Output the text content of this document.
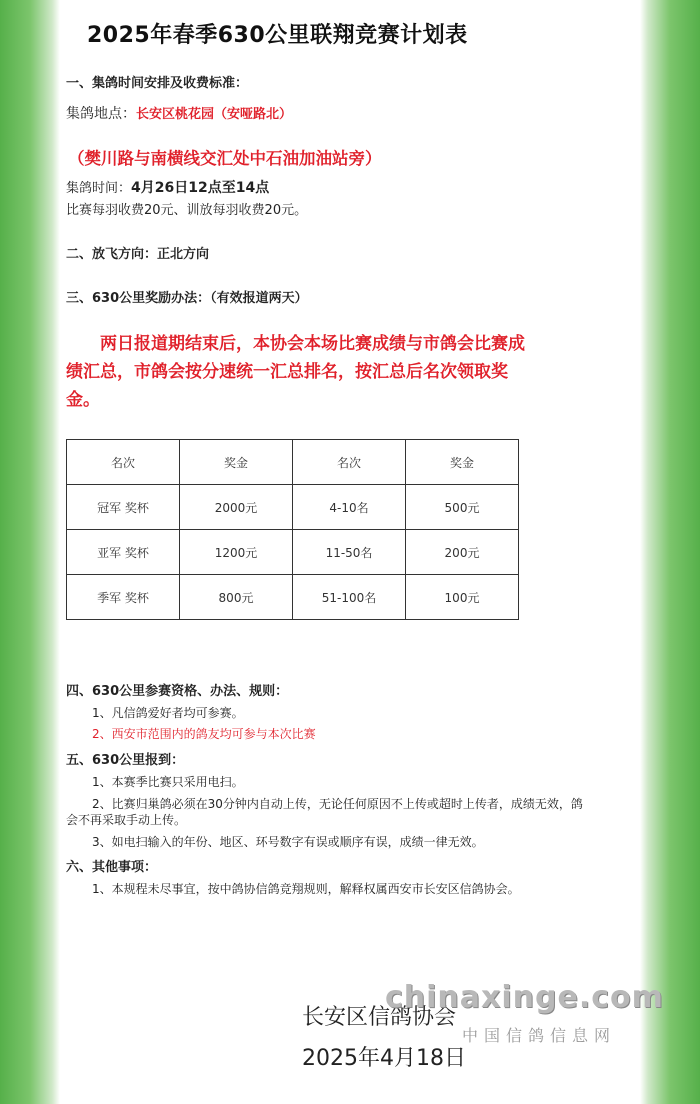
2025年春季630公里联翔竞赛计划表
一、集鸽时间安排及收费标准：
集鸽地点：长安区桃花园（安哑路北）
（樊川路与南横线交汇处中石油加油站旁）
集鸽时间：4月26日12点至14点
比赛每羽收费20元、训放每羽收费20元。
二、放飞方向：正北方向
三、630公里奖励办法：（有效报道两天）
两日报道期结束后，本协会本场比赛成绩与市鸽会比赛成绩汇总，市鸽会按分速统一汇总排名，按汇总后名次领取奖金。
名次	奖金	名次	奖金
冠军 奖杯	2000元	4-10名	500元
亚军 奖杯	1200元	11-50名	200元
季军 奖杯	800元	51-100名	100元
四、630公里参赛资格、办法、规则：
1、凡信鸽爱好者均可参赛。
2、西安市范围内的鸽友均可参与本次比赛
五、630公里报到：
1、本赛季比赛只采用电扫。
2、比赛归巢鸽必须在30分钟内自动上传，无论任何原因不上传或超时上传者，成绩无效，鸽
会不再采取手动上传。
3、如电扫输入的年份、地区、环号数字有误或顺序有误，成绩一律无效。
六、其他事项：
1、本规程未尽事宜，按中鸽协信鸽竞翔规则，解释权属西安市长安区信鸽协会。
长安区信鸽协会
2025年4月18日
chinaxinge.com
中国信鸽信息网
